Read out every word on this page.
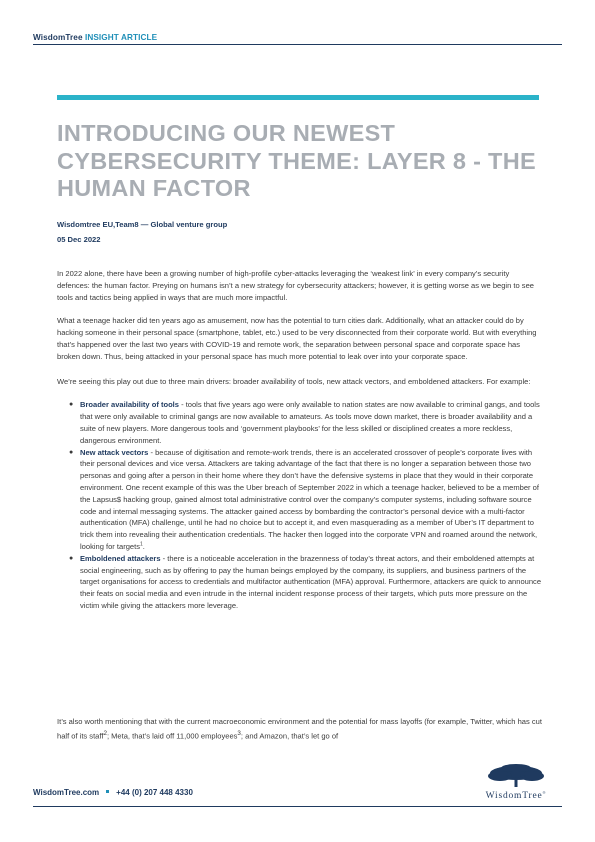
WisdomTree INSIGHT ARTICLE
INTRODUCING OUR NEWEST CYBERSECURITY THEME: LAYER 8 - THE HUMAN FACTOR
Wisdomtree EU,Team8 — Global venture group
05 Dec 2022

In 2022 alone, there have been a growing number of high-profile cyber-attacks leveraging the ‘weakest link’ in every company’s security defences: the human factor. Preying on humans isn’t a new strategy for cybersecurity attackers; however, it is getting worse as we begin to see tools and tactics being applied in ways that are much more impactful.

What a teenage hacker did ten years ago as amusement, now has the potential to turn cities dark. Additionally, what an attacker could do by hacking someone in their personal space (smartphone, tablet, etc.) used to be very disconnected from their corporate world. But with everything that’s happened over the last two years with COVID-19 and remote work, the separation between personal space and corporate space has broken down. Thus, being attacked in your personal space has much more potential to leak over into your corporate space.

We’re seeing this play out due to three main drivers: broader availability of tools, new attack vectors, and emboldened attackers. For example:

● Broader availability of tools - tools that five years ago were only available to nation states are now available to criminal gangs, and tools that were only available to criminal gangs are now available to amateurs. As tools move down market, there is broader availability and a suite of new players. More dangerous tools and ‘government playbooks’ for the less skilled or disciplined creates a more reckless, dangerous environment.
● New attack vectors - because of digitisation and remote-work trends, there is an accelerated crossover of people’s corporate lives with their personal devices and vice versa. Attackers are taking advantage of the fact that there is no longer a separation between those two personas and going after a person in their home where they don’t have the defensive systems in place that they would in their corporate environment. One recent example of this was the Uber breach of September 2022 in which a teenage hacker, believed to be a member of the Lapsus$ hacking group, gained almost total administrative control over the company’s computer systems, including software source code and internal messaging systems. The attacker gained access by bombarding the contractor’s personal device with a multi-factor authentication (MFA) challenge, until he had no choice but to accept it, and even masquerading as a member of Uber’s IT department to trick them into revealing their authentication credentials. The hacker then logged into the corporate VPN and roamed around the network, looking for targets$^1$.
● Emboldened attackers - there is a noticeable acceleration in the brazenness of today’s threat actors, and their emboldened attempts at social engineering, such as by offering to pay the human beings employed by the company, its suppliers, and business partners of the target organisations for access to credentials and multifactor authentication (MFA) approval. Furthermore, attackers are quick to announce their feats on social media and even intrude in the internal incident response process of their targets, which puts more pressure on the victim while giving the attackers more leverage.

It’s also worth mentioning that with the current macroeconomic environment and the potential for mass layoffs (for example, Twitter, which has cut half of its staff$^2$; Meta, that’s laid off 11,000 employees$^3$; and Amazon, that’s let go of

WisdomTree®
WisdomTree.com +44 (0) 207 448 4330
